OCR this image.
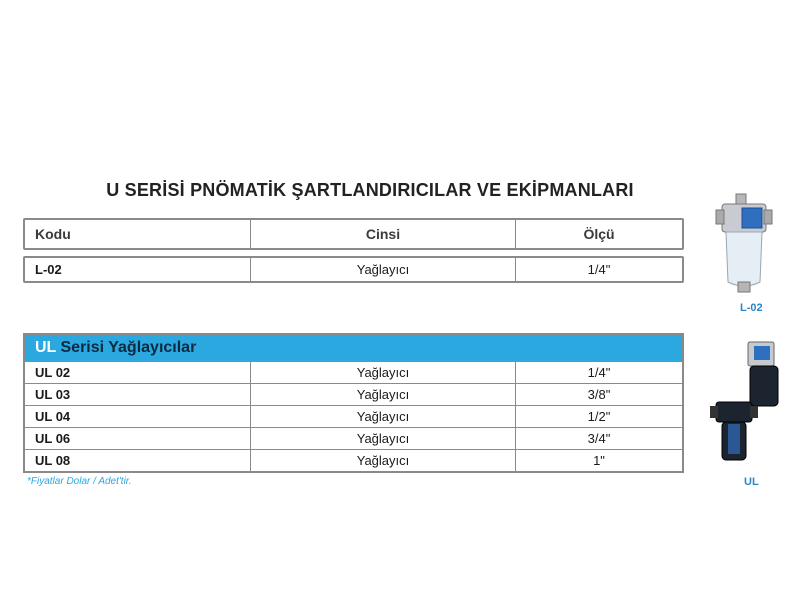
U SERİSİ PNÖMATİK ŞARTLANDIRICILAR VE EKİPMANLARI
Kodu	Cinsi	Ölçü
L-02	Yağlayıcı	1/4"
UL Serisi Yağlayıcılar
UL 02	Yağlayıcı	1/4"
UL 03	Yağlayıcı	3/8"
UL 04	Yağlayıcı	1/2"
UL 06	Yağlayıcı	3/4"
UL 08	Yağlayıcı	1"
*Fiyatlar Dolar / Adet'tir.
L-02
UL
